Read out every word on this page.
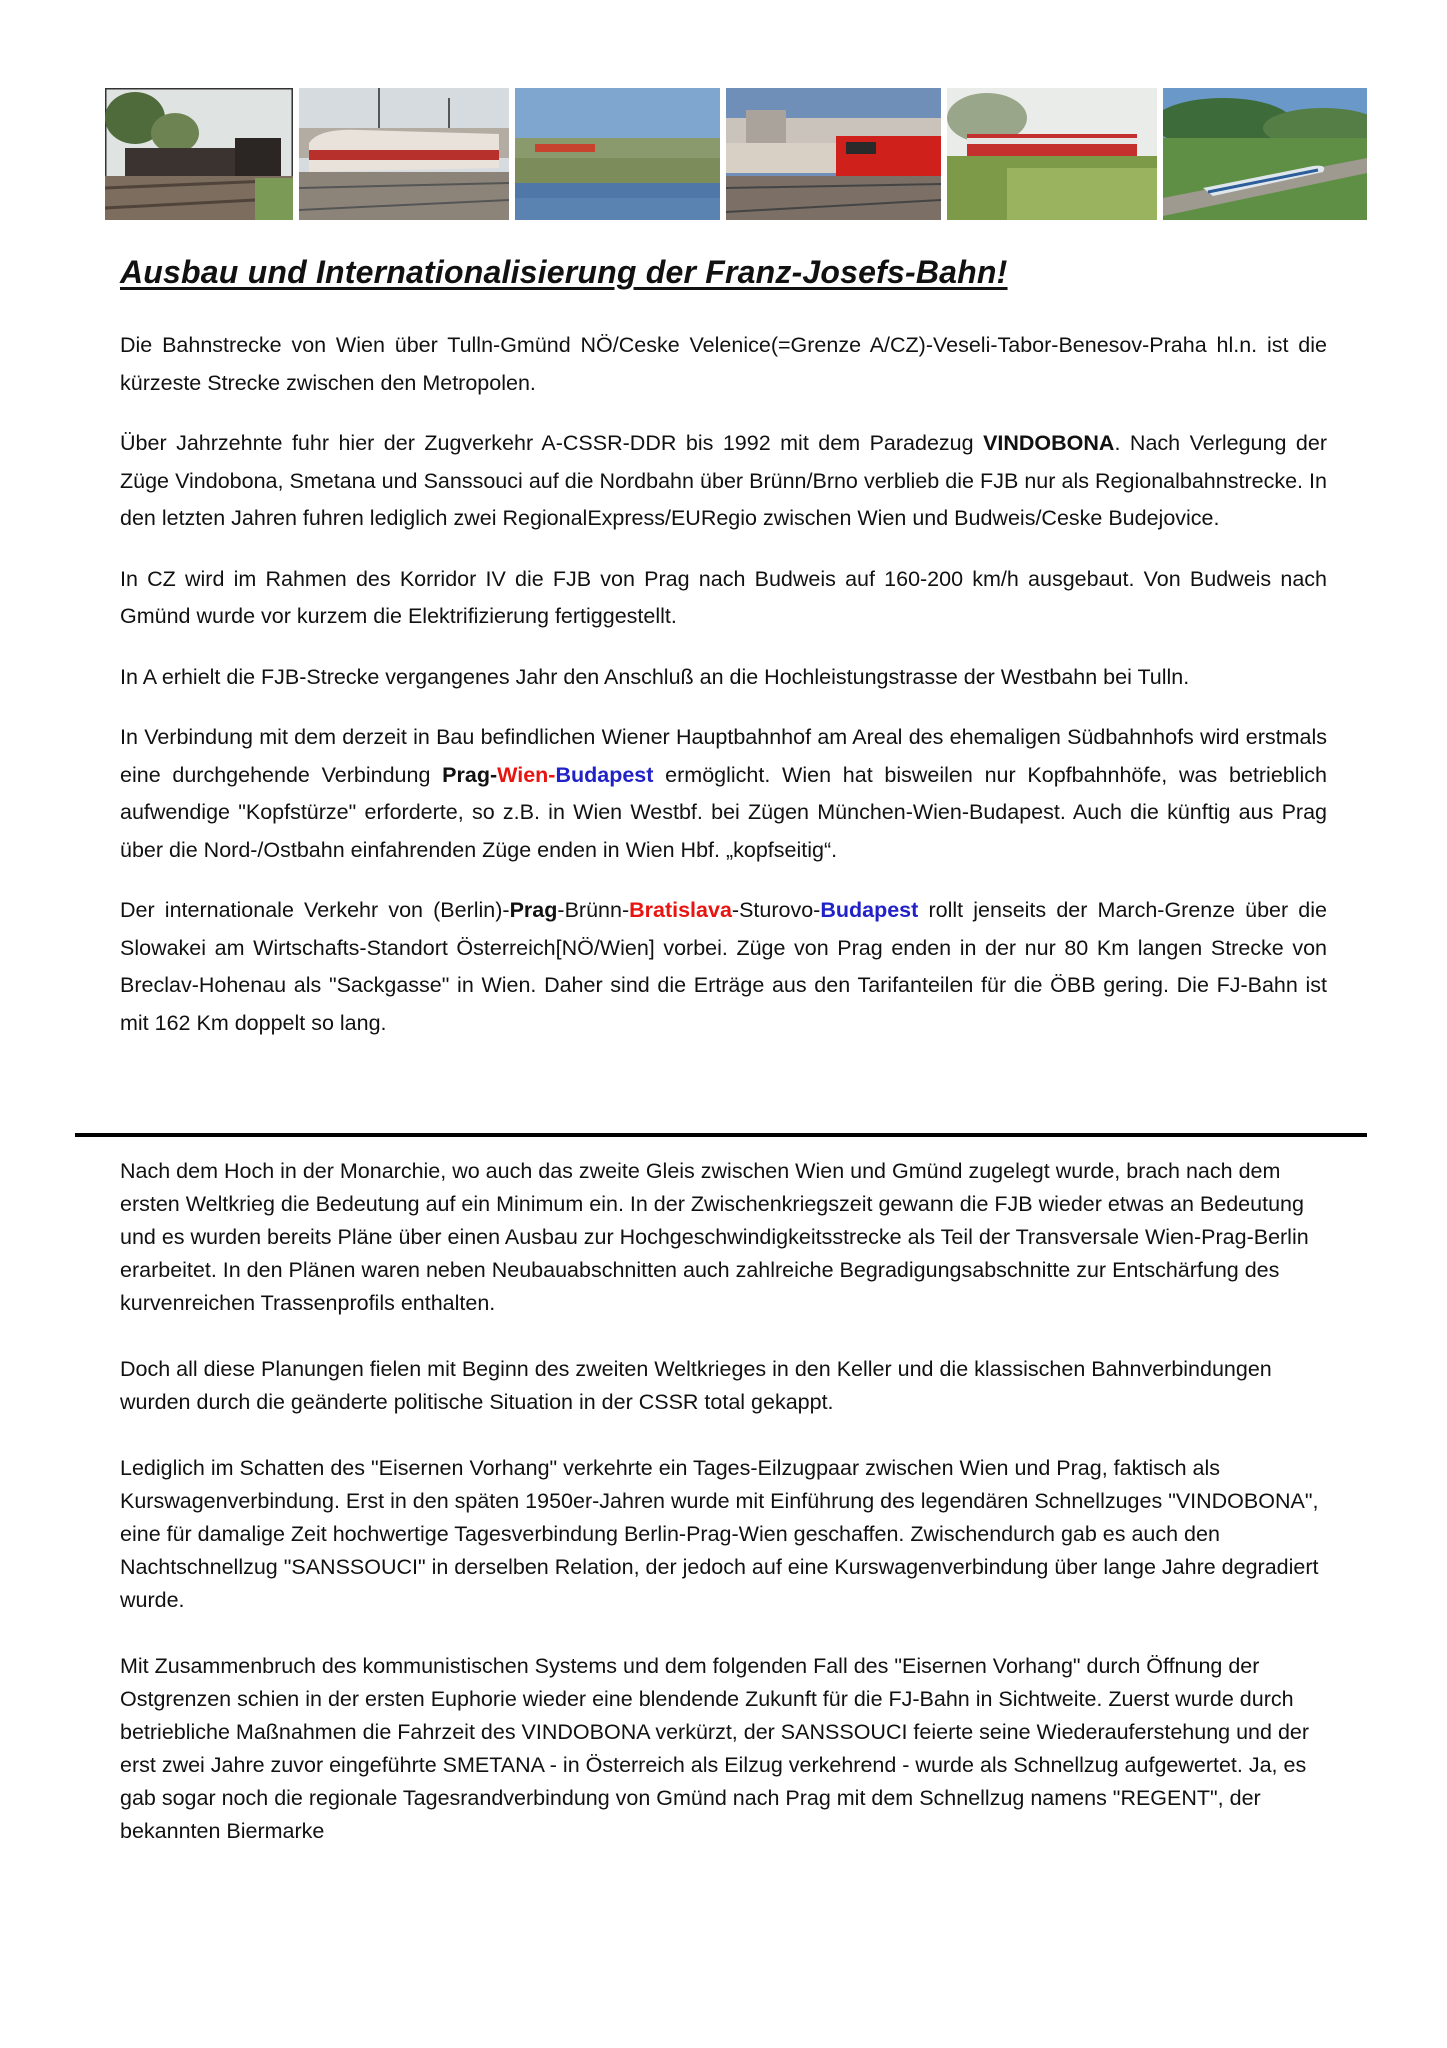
Ausbau und Internationalisierung der Franz-Josefs-Bahn!

Die Bahnstrecke von Wien über Tulln-Gmünd NÖ/Ceske Velenice(=Grenze A/CZ)-Veseli-Tabor-Benesov-Praha hl.n. ist die kürzeste Strecke zwischen den Metropolen.

Über Jahrzehnte fuhr hier der Zugverkehr A-CSSR-DDR bis 1992 mit dem Paradezug VINDOBONA. Nach Verlegung der Züge Vindobona, Smetana und Sanssouci auf die Nordbahn über Brünn/Brno verblieb die FJB nur als Regionalbahnstrecke. In den letzten Jahren fuhren lediglich zwei RegionalExpress/EURegio zwischen Wien und Budweis/Ceske Budejovice.

In CZ wird im Rahmen des Korridor IV die FJB von Prag nach Budweis auf 160-200 km/h ausgebaut. Von Budweis nach Gmünd wurde vor kurzem die Elektrifizierung fertiggestellt.

In A erhielt die FJB-Strecke vergangenes Jahr den Anschluß an die Hochleistungstrasse der Westbahn bei Tulln.

In Verbindung mit dem derzeit in Bau befindlichen Wiener Hauptbahnhof am Areal des ehemaligen Südbahnhofs wird erstmals eine durchgehende Verbindung Prag-Wien-Budapest ermöglicht. Wien hat bisweilen nur Kopfbahnhöfe, was betrieblich aufwendige "Kopfstürze" erforderte, so z.B. in Wien Westbf. bei Zügen München-Wien-Budapest. Auch die künftig aus Prag über die Nord-/Ostbahn einfahrenden Züge enden in Wien Hbf. „kopfseitig“.

Der internationale Verkehr von (Berlin)-Prag-Brünn-Bratislava-Sturovo-Budapest rollt jenseits der March-Grenze über die Slowakei am Wirtschafts-Standort Österreich[NÖ/Wien] vorbei. Züge von Prag enden in der nur 80 Km langen Strecke von Breclav-Hohenau als "Sackgasse" in Wien. Daher sind die Erträge aus den Tarifanteilen für die ÖBB gering. Die FJ-Bahn ist mit 162 Km doppelt so lang.

Nach dem Hoch in der Monarchie, wo auch das zweite Gleis zwischen Wien und Gmünd zugelegt wurde, brach nach dem ersten Weltkrieg die Bedeutung auf ein Minimum ein. In der Zwischenkriegszeit gewann die FJB wieder etwas an Bedeutung und es wurden bereits Pläne über einen Ausbau zur Hochgeschwindigkeitsstrecke als Teil der Transversale Wien-Prag-Berlin erarbeitet. In den Plänen waren neben Neubauabschnitten auch zahlreiche Begradigungsabschnitte zur Entschärfung des kurvenreichen Trassenprofils enthalten.

Doch all diese Planungen fielen mit Beginn des zweiten Weltkrieges in den Keller und die klassischen Bahnverbindungen wurden durch die geänderte politische Situation in der CSSR total gekappt.

Lediglich im Schatten des "Eisernen Vorhang" verkehrte ein Tages-Eilzugpaar zwischen Wien und Prag, faktisch als Kurswagenverbindung. Erst in den späten 1950er-Jahren wurde mit Einführung des legendären Schnellzuges "VINDOBONA", eine für damalige Zeit hochwertige Tagesverbindung Berlin-Prag-Wien geschaffen. Zwischendurch gab es auch den Nachtschnellzug "SANSSOUCI" in derselben Relation, der jedoch auf eine Kurswagenverbindung über lange Jahre degradiert wurde.

Mit Zusammenbruch des kommunistischen Systems und dem folgenden Fall des "Eisernen Vorhang" durch Öffnung der Ostgrenzen schien in der ersten Euphorie wieder eine blendende Zukunft für die FJ-Bahn in Sichtweite. Zuerst wurde durch betriebliche Maßnahmen die Fahrzeit des VINDOBONA verkürzt, der SANSSOUCI feierte seine Wiederauferstehung und der erst zwei Jahre zuvor eingeführte SMETANA - in Österreich als Eilzug verkehrend - wurde als Schnellzug aufgewertet. Ja, es gab sogar noch die regionale Tagesrandverbindung von Gmünd nach Prag mit dem Schnellzug namens "REGENT", der bekannten Biermarke
